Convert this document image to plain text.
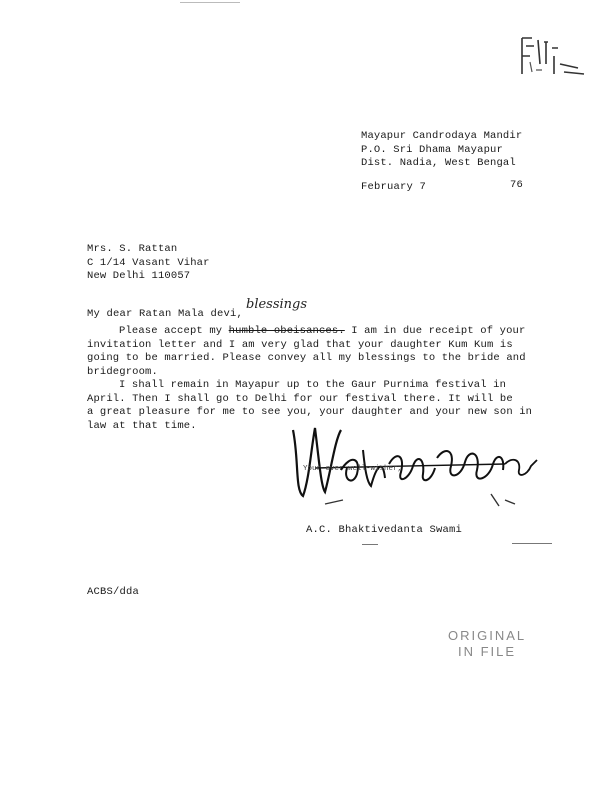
Mayapur Candrodaya Mandir
P.O. Sri Dhama Mayapur
Dist. Nadia, West Bengal
February 7	76
Mrs. S. Rattan
C 1/14 Vasant Vihar
New Delhi 110057
My dear Ratan Mala devi,
blessings
Please accept my humble obeisances. I am in due receipt of your
invitation letter and I am very glad that your daughter Kum Kum is
going to be married. Please convey all my blessings to the bride and
bridegroom.
I shall remain in Mayapur up to the Gaur Purnima festival in
April. Then I shall go to Delhi for our festival there. It will be
a great pleasure for me to see you, your daughter and your new son in
law at that time.
Your ever well-wisher,
A.C. Bhaktivedanta Swami
ACBS/dda
ORIGINAL
IN FILE
